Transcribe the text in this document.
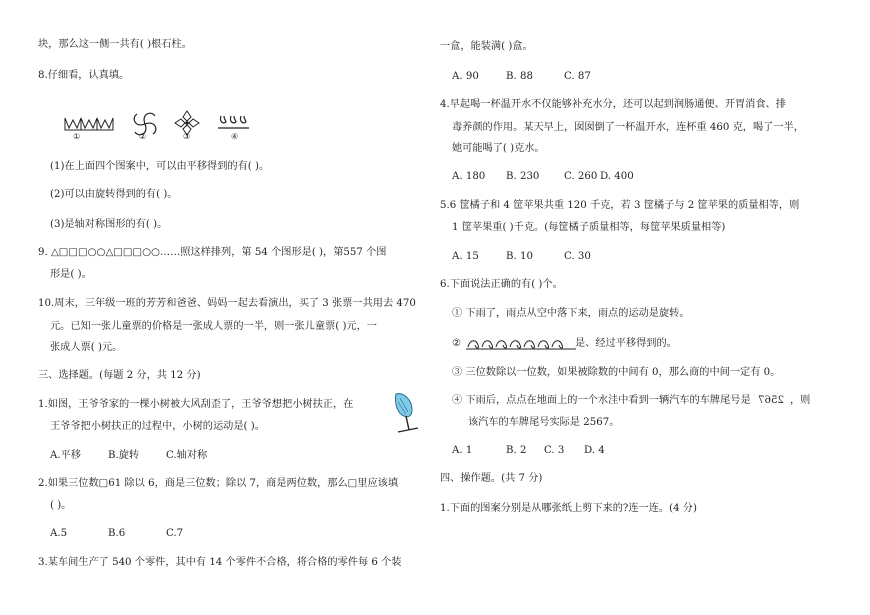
块，那么这一侧一共有( )根石柱。
8.仔细看，认真填。
①	②	③	④
(1)在上面四个图案中，可以由平移得到的有( )。
(2)可以由旋转得到的有( )。
(3)是轴对称图形的有( )。
9. △□□□○○△□□□○○……照这样排列，第 54 个图形是( )，第557 个图
形是( )。
10.周末，三年级一班的芳芳和爸爸、妈妈一起去看演出，买了 3 张票一共用去 470
元。已知一张儿童票的价格是一张成人票的一半，则一张儿童票( )元，一
张成人票( )元。
三、选择题。(每题 2 分，共 12 分)
1.如图，王爷爷家的一棵小树被大风刮歪了，王爷爷想把小树扶正，在
王爷爷把小树扶正的过程中，小树的运动是( )。
A.平移	B.旋转	C.轴对称
2.如果三位数□61 除以 6，商是三位数；除以 7，商是两位数，那么□里应该填
( )。
A.5	B.6	C.7
3.某车间生产了 540 个零件，其中有 14 个零件不合格，将合格的零件每 6 个装
一盒，能装满( )盒。
A. 90	B. 88	C. 87
4.早起喝一杯温开水不仅能够补充水分，还可以起到润肠通便、开胃消食、排
毒养颜的作用。某天早上，囡囡倒了一杯温开水，连杯重 460 克，喝了一半，
她可能喝了( )克水。
A. 180 B. 230 C. 260 D. 400
5.6 筐橘子和 4 筐苹果共重 120 千克，若 3 筐橘子与 2 筐苹果的质量相等，则
1 筐苹果重( )千克。(每筐橘子质量相等，每筐苹果质量相等)
A. 15	B. 10	C. 30
6.下面说法正确的有( )个。
① 下雨了，雨点从空中落下来，雨点的运动是旋转。
②	是、经过平移得到的。
③ 三位数除以一位数，如果被除数的中间有 0，那么商的中间一定有 0。
④ 下雨后，点点在地面上的一个水洼中看到一辆汽车的车牌尾号是 2567 ，则
该汽车的车牌尾号实际是 2567。
A. 1	B. 2 C. 3 D. 4
四、操作题。(共 7 分)
1.下面的图案分别是从哪张纸上剪下来的?连一连。(4 分)
